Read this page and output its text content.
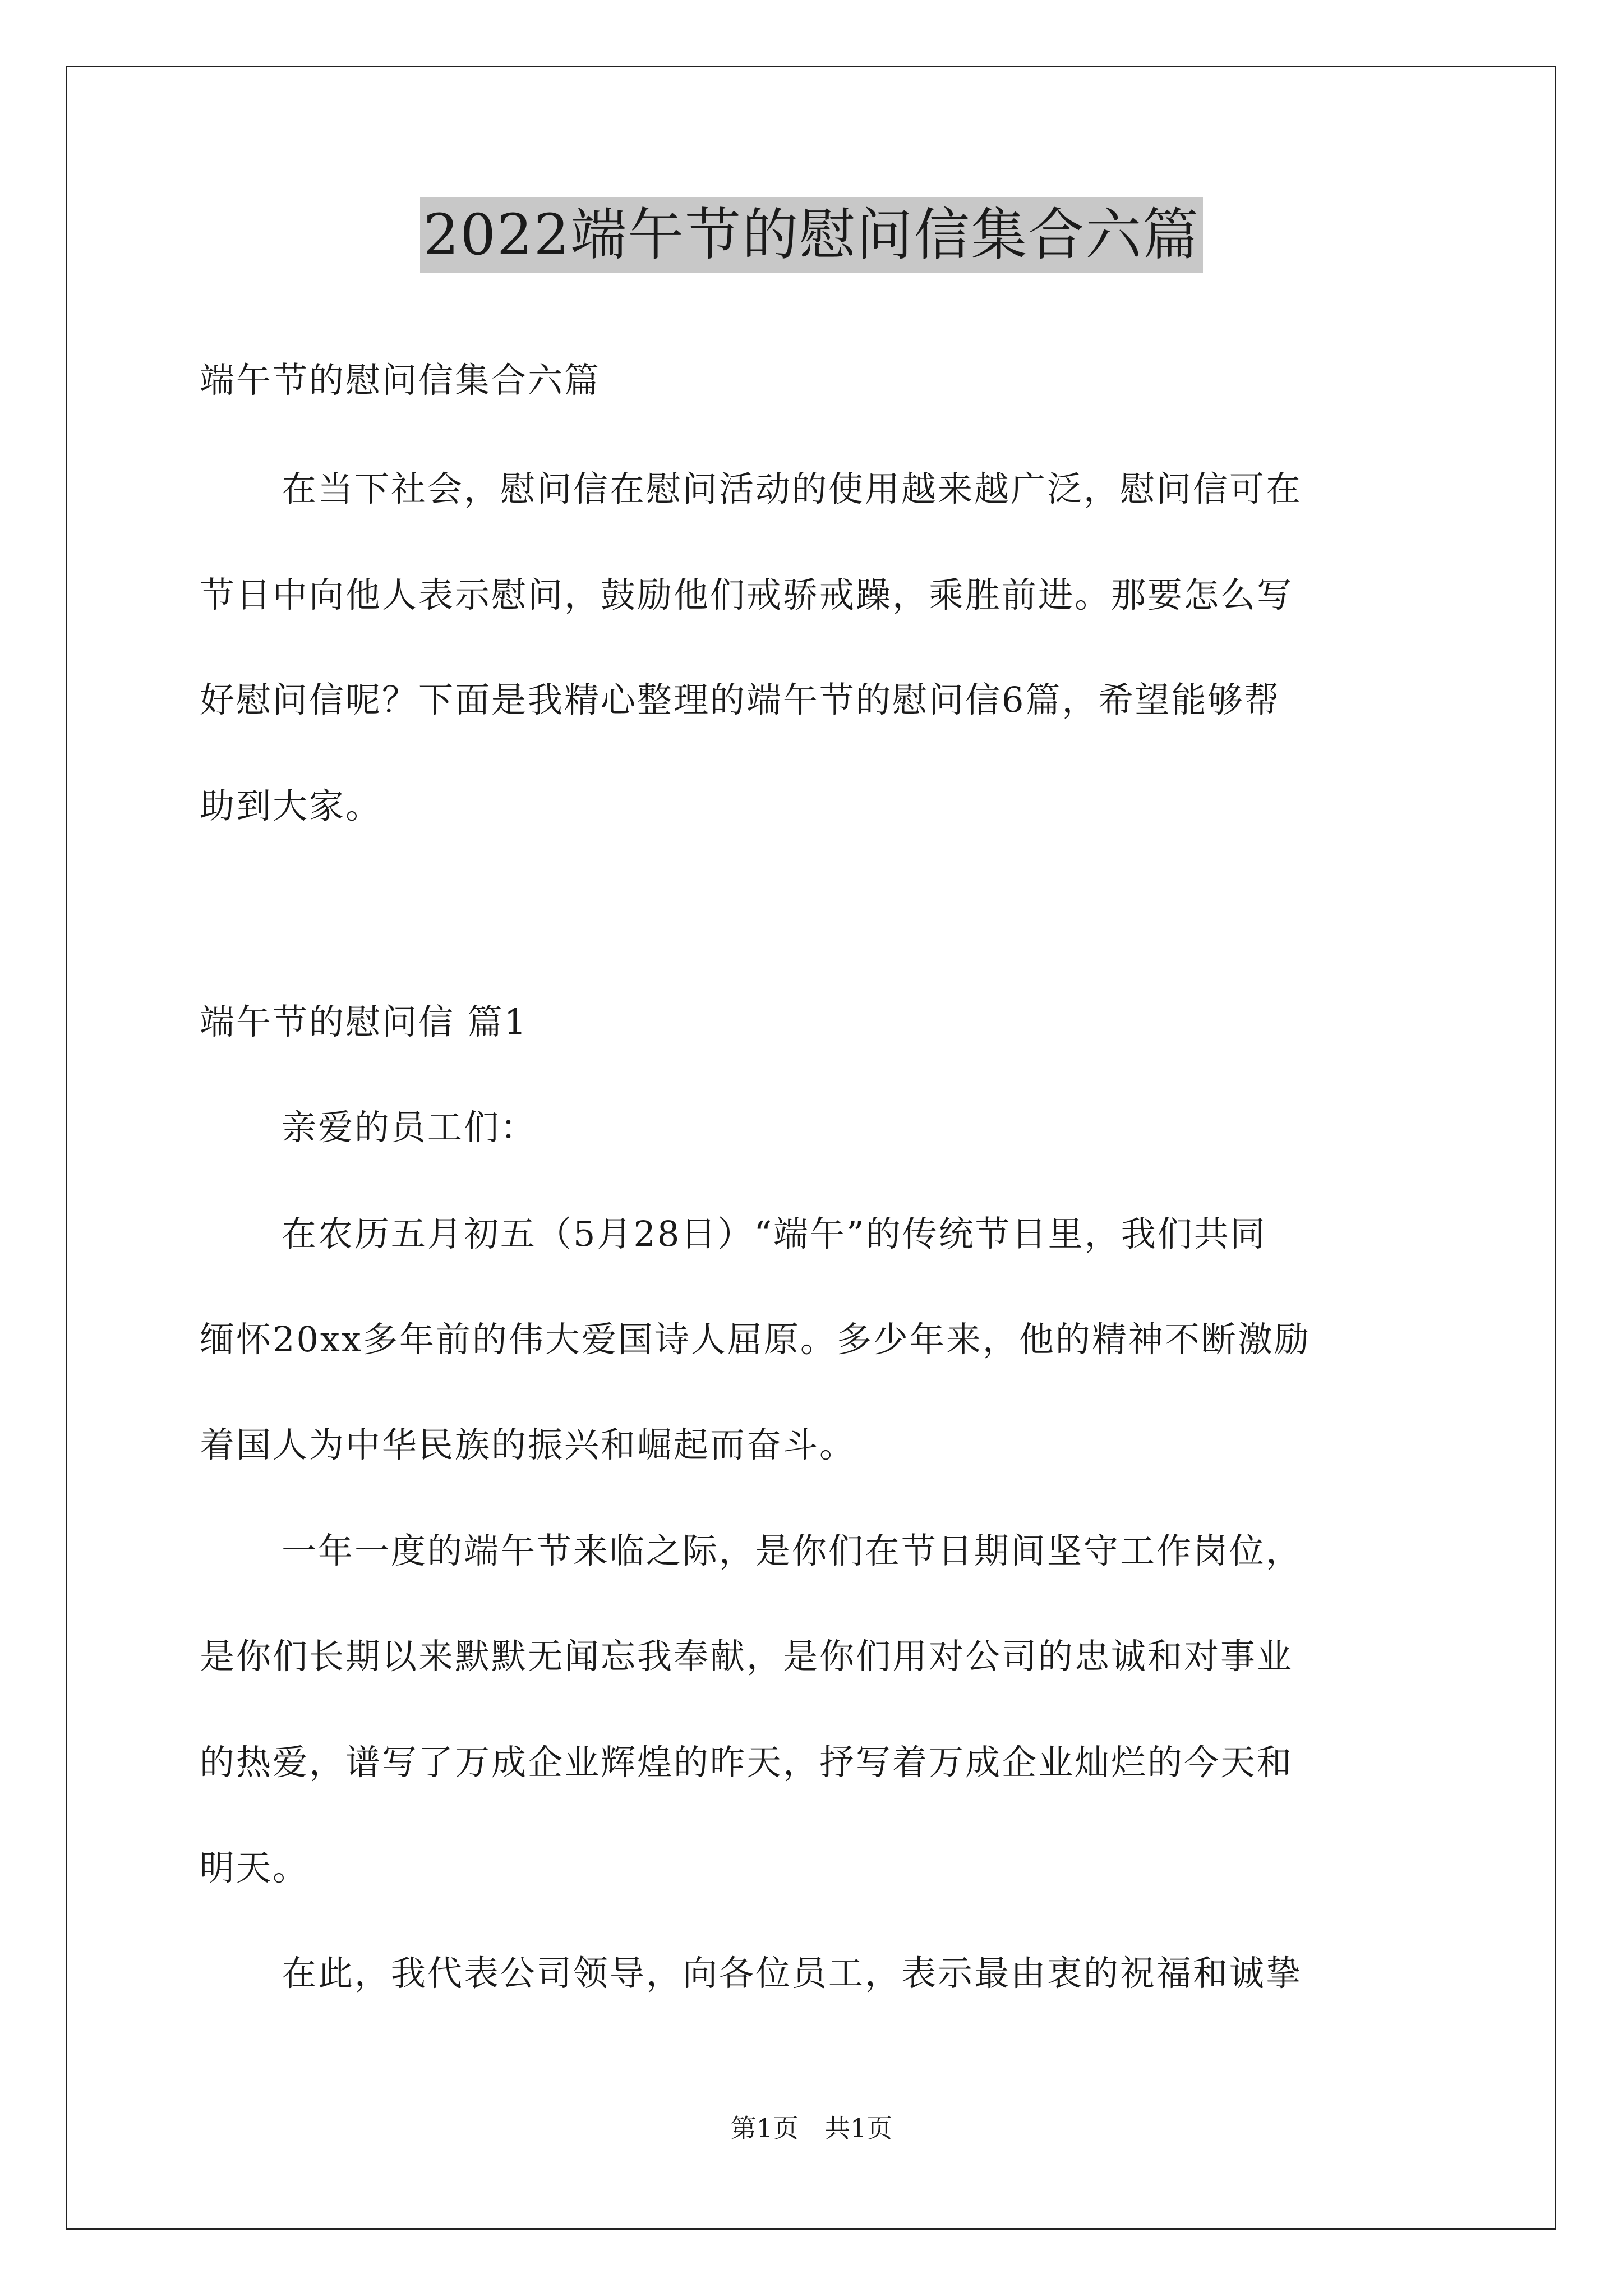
2022端午节的慰问信集合六篇
端午节的慰问信集合六篇
在当下社会，慰问信在慰问活动的使用越来越广泛，慰问信可在
节日中向他人表示慰问，鼓励他们戒骄戒躁，乘胜前进。那要怎么写
好慰问信呢？下面是我精心整理的端午节的慰问信6篇，希望能够帮
助到大家。
端午节的慰问信 篇1
亲爱的员工们：
在农历五月初五（5月28日）“端午”的传统节日里，我们共同
缅怀20xx多年前的伟大爱国诗人屈原。多少年来，他的精神不断激励
着国人为中华民族的振兴和崛起而奋斗。
一年一度的端午节来临之际，是你们在节日期间坚守工作岗位，
是你们长期以来默默无闻忘我奉献，是你们用对公司的忠诚和对事业
的热爱，谱写了万成企业辉煌的昨天，抒写着万成企业灿烂的今天和
明天。
在此，我代表公司领导，向各位员工，表示最由衷的祝福和诚挚
第1页　共1页
